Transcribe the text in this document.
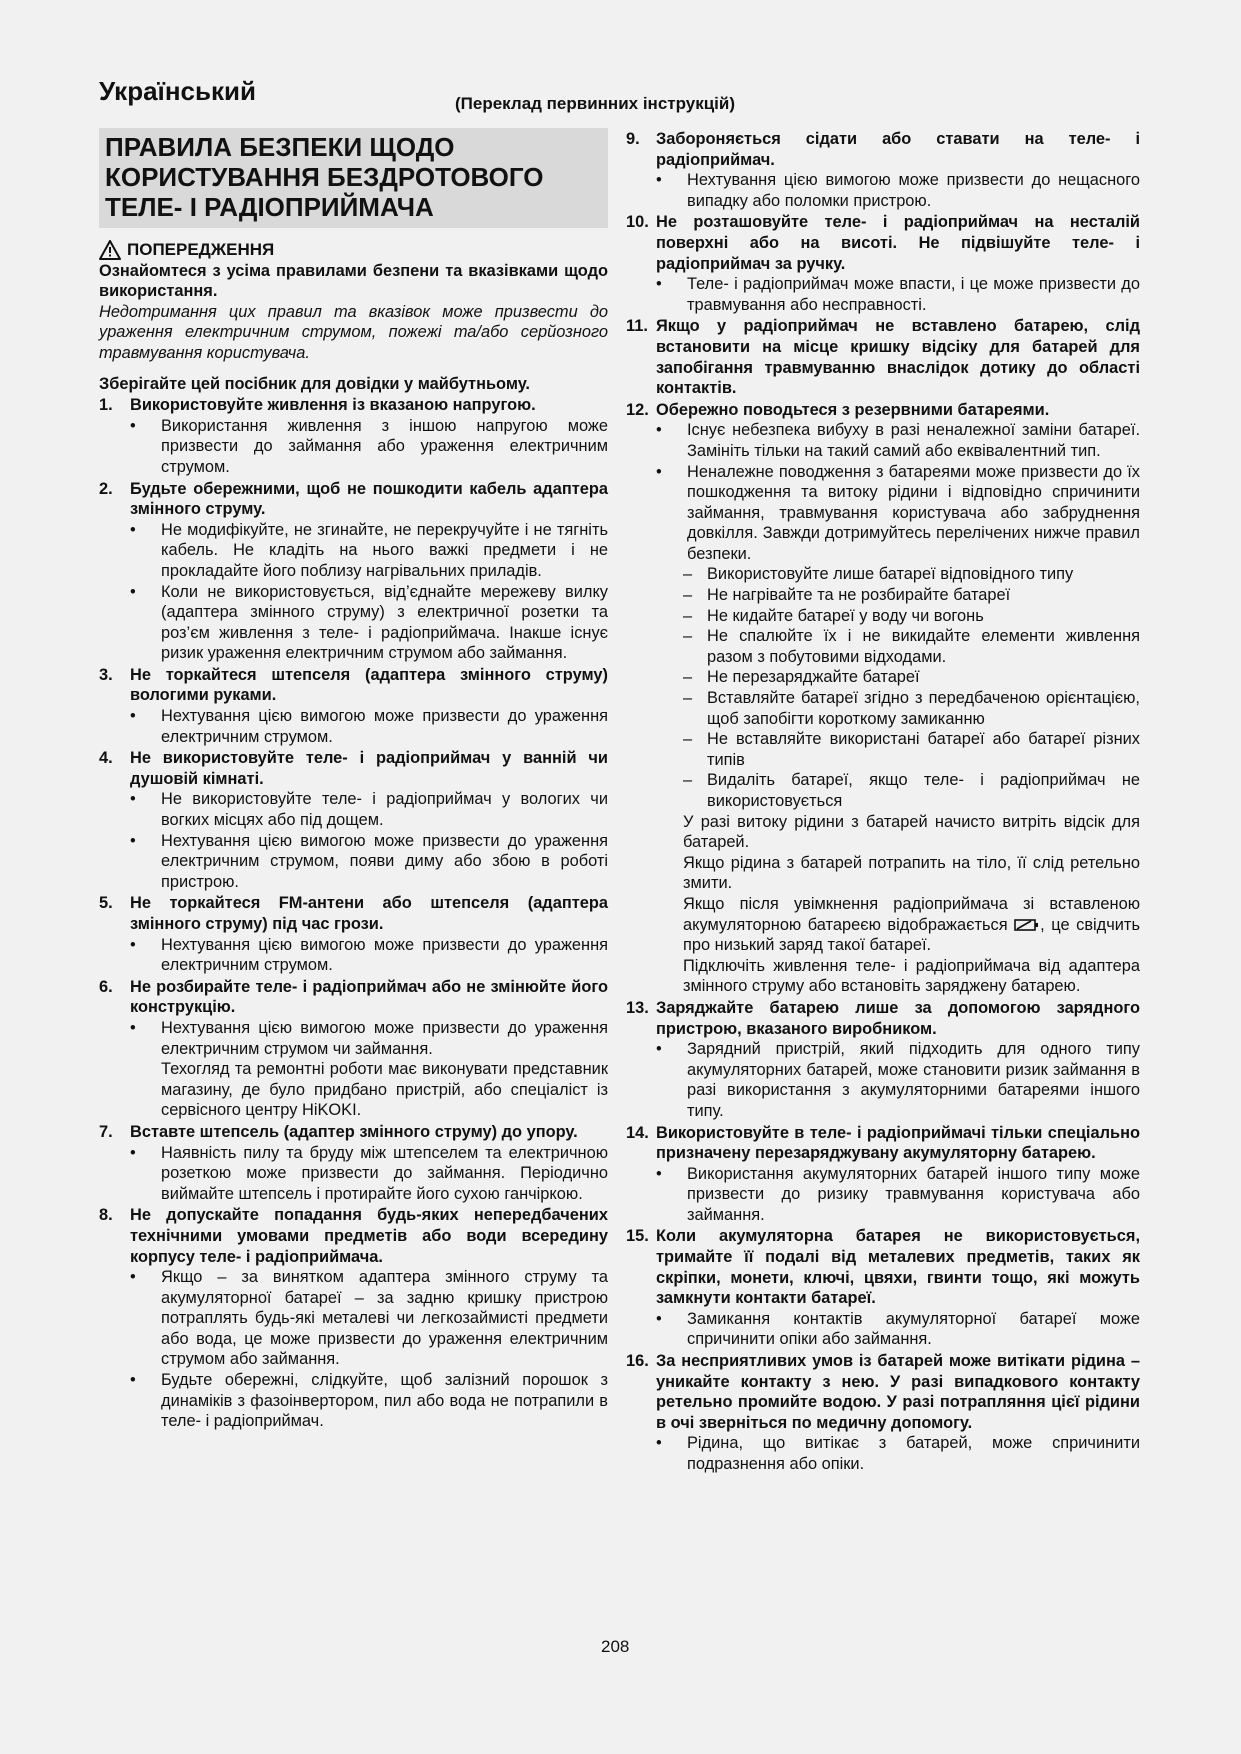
Український	(Переклад первинних інструкцій)
ПРАВИЛА БЕЗПЕКИ ЩОДО
КОРИСТУВАННЯ БЕЗДРОТОВОГО
ТЕЛЕ- І РАДІОПРИЙМАЧА
ПОПЕРЕДЖЕННЯ
Ознайомтеся з усіма правилами безпени та вказівками щодо використання.
Недотримання цих правил та вказівок може призвести до ураження електричним струмом, пожежі та/або серйозного травмування користувача.
Зберігайте цей посібник для довідки у майбутньому.
1.	Використовуйте живлення із вказаною напругою.
•	Використання живлення з іншою напругою може призвести до займання або ураження електричним струмом.
2.	Будьте обережними, щоб не пошкодити кабель адаптера змінного струму.
•	Не модифікуйте, не згинайте, не перекручуйте і не тягніть кабель. Не кладіть на нього важкі предмети і не прокладайте його поблизу нагрівальних приладів.
•	Коли не використовується, від’єднайте мережеву вилку (адаптера змінного струму) з електричної розетки та роз’єм живлення з теле- і радіоприймача. Інакше існує ризик ураження електричним струмом або займання.
3.	Не торкайтеся штепселя (адаптера змінного струму) вологими руками.
•	Нехтування цією вимогою може призвести до ураження електричним струмом.
4.	Не використовуйте теле- і радіоприймач у ванній чи душовій кімнаті.
•	Не використовуйте теле- і радіоприймач у вологих чи вогких місцях або під дощем.
•	Нехтування цією вимогою може призвести до ураження електричним струмом, появи диму або збою в роботі пристрою.
5.	Не торкайтеся FM-антени або штепселя (адаптера змінного струму) під час грози.
•	Нехтування цією вимогою може призвести до ураження електричним струмом.
6.	Не розбирайте теле- і радіоприймач або не змінюйте його конструкцію.
•	Нехтування цією вимогою може призвести до ураження електричним струмом чи займання.
Техогляд та ремонтні роботи має виконувати представник магазину, де було придбано пристрій, або спеціаліст із сервісного центру HiKOKI.
7.	Вставте штепсель (адаптер змінного струму) до упору.
•	Наявність пилу та бруду між штепселем та електричною розеткою може призвести до займання. Періодично виймайте штепсель і протирайте його сухою ганчіркою.
8.	Не допускайте попадання будь-яких непередбачених технічними умовами предметів або води всередину корпусу теле- і радіоприймача.
•	Якщо – за винятком адаптера змінного струму та акумуляторної батареї – за задню кришку пристрою потраплять будь-які металеві чи легкозаймисті предмети або вода, це може призвести до ураження електричним струмом або займання.
•	Будьте обережні, слідкуйте, щоб залізний порошок з динаміків з фазоінвертором, пил або вода не потрапили в теле- і радіоприймач.
9. Забороняється сідати або ставати на теле- і радіоприймач.
•	Нехтування цією вимогою може призвести до нещасного випадку або поломки пристрою.
10. Не розташовуйте теле- і радіоприймач на несталій поверхні або на висоті. Не підвішуйте теле- і радіоприймач за ручку.
•	Теле- і радіоприймач може впасти, і це може призвести до травмування або несправності.
11. Якщо у радіоприймач не вставлено батарею, слід встановити на місце кришку відсіку для батарей для запобігання травмуванню внаслідок дотику до області контактів.
12. Обережно поводьтеся з резервними батареями.
•	Існує небезпека вибуху в разі неналежної заміни батареї. Замініть тільки на такий самий або еквівалентний тип.
•	Неналежне поводження з батареями може призвести до їх пошкодження та витоку рідини і відповідно спричинити займання, травмування користувача або забруднення довкілля. Завжди дотримуйтесь перелічених нижче правил безпеки.
– Використовуйте лише батареї відповідного типу
– Не нагрівайте та не розбирайте батареї
– Не кидайте батареї у воду чи вогонь
– Не спалюйте їх і не викидайте елементи живлення разом з побутовими відходами.
– Не перезаряджайте батареї
– Вставляйте батареї згідно з передбаченою орієнтацією, щоб запобігти короткому замиканню
– Не вставляйте використані батареї або батареї різних типів
– Видаліть батареї, якщо теле- і радіоприймач не використовується
У разі витоку рідини з батарей начисто витріть відсік для батарей.
Якщо рідина з батарей потрапить на тіло, її слід ретельно змити.
Якщо після увімкнення радіоприймача зі вставленою акумуляторною батареєю відображається , це свідчить про низький заряд такої батареї.
Підключіть живлення теле- і радіоприймача від адаптера змінного струму або встановіть заряджену батарею.
13. Заряджайте батарею лише за допомогою зарядного пристрою, вказаного виробником.
•	Зарядний пристрій, який підходить для одного типу акумуляторних батарей, може становити ризик займання в разі використання з акумуляторними батареями іншого типу.
14. Використовуйте в теле- і радіоприймачі тільки спеціально призначену перезаряджувану акумуляторну батарею.
•	Використання акумуляторних батарей іншого типу може призвести до ризику травмування користувача або займання.
15. Коли акумуляторна батарея не використовується, тримайте її подалі від металевих предметів, таких як скріпки, монети, ключі, цвяхи, гвинти тощо, які можуть замкнути контакти батареї.
•	Замикання контактів акумуляторної батареї може спричинити опіки або займання.
16. За несприятливих умов із батарей може витікати рідина – уникайте контакту з нею. У разі випадкового контакту ретельно промийте водою. У разі потрапляння цієї рідини в очі зверніться по медичну допомогу.
•	Рідина, що витікає з батарей, може спричинити подразнення або опіки.
208
